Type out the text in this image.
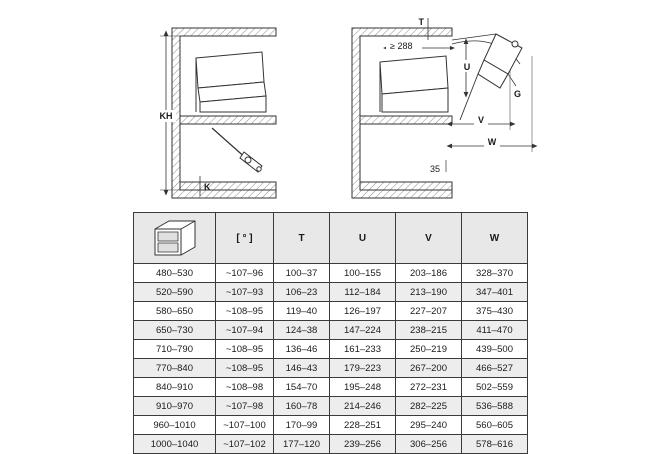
KH
K
T
≥ 288
U
G
V
W
35
	[ ° ]	T	U	V	W
480–530	~107–96	100–37	100–155	203–186	328–370
520–590	~107–93	106–23	112–184	213–190	347–401
580–650	~108–95	119–40	126–197	227–207	375–430
650–730	~107–94	124–38	147–224	238–215	411–470
710–790	~108–95	136–46	161–233	250–219	439–500
770–840	~108–95	146–43	179–223	267–200	466–527
840–910	~108–98	154–70	195–248	272–231	502–559
910–970	~107–98	160–78	214–246	282–225	536–588
960–1010	~107–100	170–99	228–251	295–240	560–605
1000–1040	~107–102	177–120	239–256	306–256	578–616
